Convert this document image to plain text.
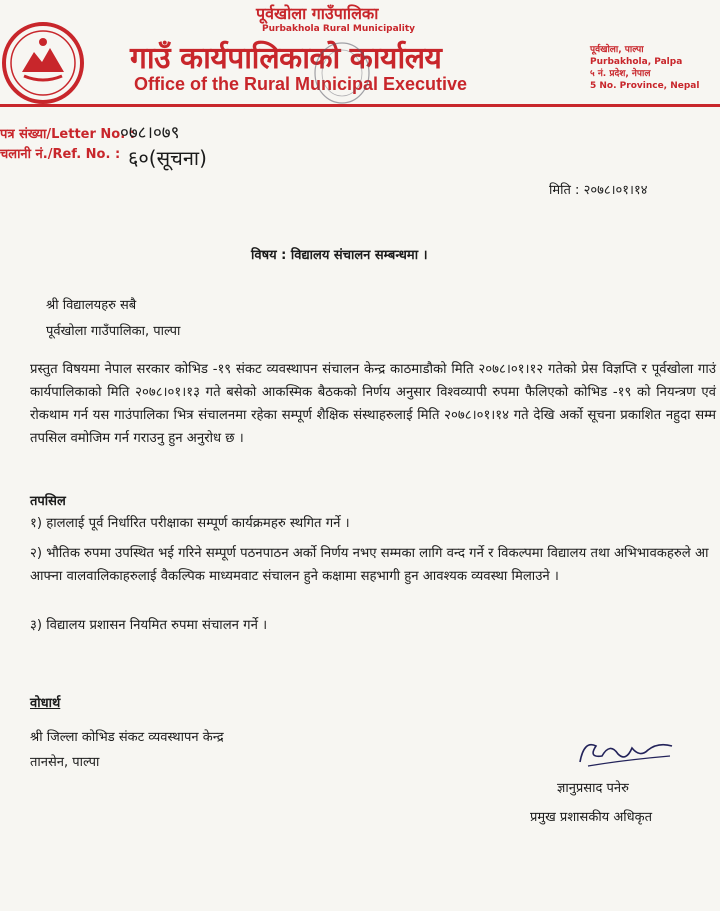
पूर्वखोला गाउँपालिका
Purbakhola Rural Municipality
गाउँ कार्यपालिकाको कार्यालय
Office of the Rural Municipal Executive
पूर्वखोला, पाल्पा
Purbakhola, Palpa
५ नं. प्रदेश, नेपाल
5 No. Province, Nepal
पत्र संख्या/Letter No. :
०७८।०७९
चलानी नं./Ref. No. : ६०(सूचना)
मिति : २०७८।०१।१४
विषय : विद्यालय संचालन सम्बन्धमा ।
श्री विद्यालयहरु सबै
पूर्वखोला गाउँपालिका, पाल्पा
प्रस्तुत विषयमा नेपाल सरकार कोभिड -१९ संकट व्यवस्थापन संचालन केन्द्र काठमाडौको मिति २०७८।०१।१२ गतेको प्रेस विज्ञप्ति र पूर्वखोला गाउं कार्यपालिकाको मिति २०७८।०१।१३ गते बसेको आकस्मिक बैठकको निर्णय अनुसार विश्वव्यापी रुपमा फैलिएको कोभिड -१९ को नियन्त्रण एवं रोकथाम गर्न यस गाउंपालिका भित्र संचालनमा रहेका सम्पूर्ण शैक्षिक संस्थाहरुलाई मिति २०७८।०१।१४ गते देखि अर्को सूचना प्रकाशित नहुदा सम्म तपसिल वमोजिम गर्न गराउनु हुन अनुरोध छ ।
तपसिल
१) हाललाई पूर्व निर्धारित परीक्षाका सम्पूर्ण कार्यक्रमहरु स्थगित गर्ने ।
२) भौतिक रुपमा उपस्थित भई गरिने सम्पूर्ण पठनपाठन अर्को निर्णय नभए सम्मका लागि वन्द गर्ने र विकल्पमा विद्यालय तथा अभिभावकहरुले आ आफ्ना वालवालिकाहरुलाई वैकल्पिक माध्यमवाट संचालन हुने कक्षामा सहभागी हुन आवश्यक व्यवस्था मिलाउने ।
३) विद्यालय प्रशासन नियमित रुपमा संचालन गर्ने ।
वोधार्थ
श्री जिल्ला कोभिड संकट व्यवस्थापन केन्द्र
तानसेन, पाल्पा
ज्ञानुप्रसाद पनेरु
प्रमुख प्रशासकीय अधिकृत
